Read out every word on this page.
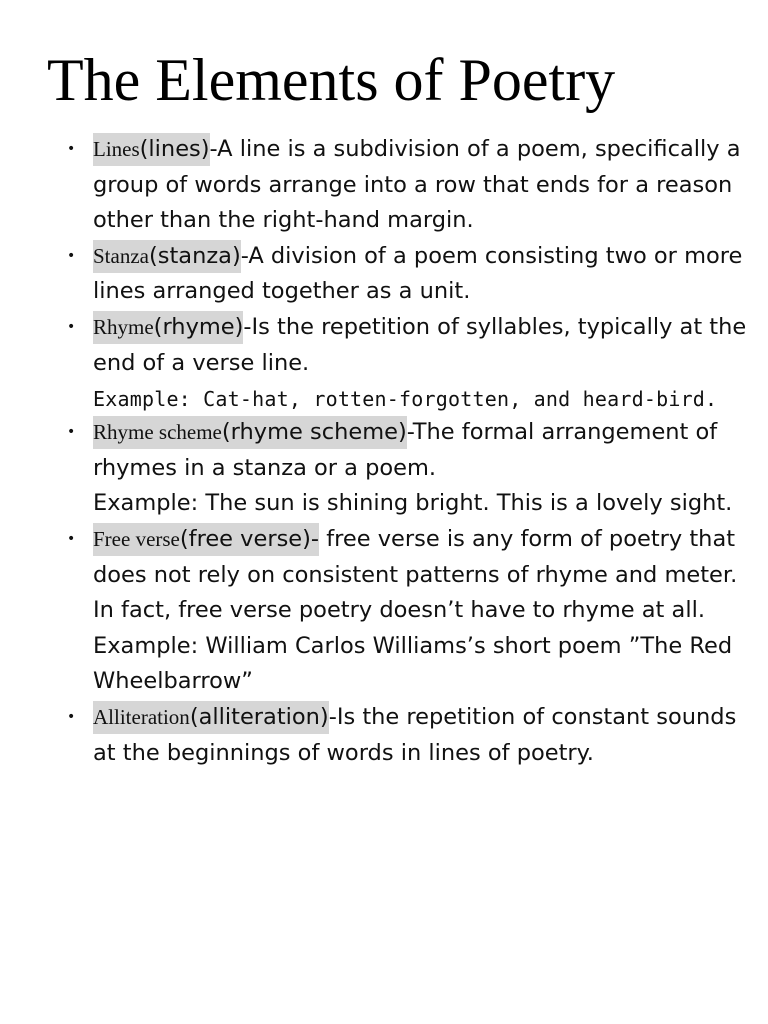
The Elements of Poetry
• Lines(lines)-A line is a subdivision of a poem, specifically a group of words arrange into a row that ends for a reason other than the right-hand margin.
• Stanza(stanza)-A division of a poem consisting two or more lines arranged together as a unit.
• Rhyme(rhyme)-Is the repetition of syllables, typically at the end of a verse line.
Example: Cat-hat, rotten-forgotten, and heard-bird.
• Rhyme scheme(rhyme scheme)-The formal arrangement of rhymes in a stanza or a poem.
Example: The sun is shining bright. This is a lovely sight.
• Free verse(free verse)- free verse is any form of poetry that does not rely on consistent patterns of rhyme and meter. In fact, free verse poetry doesn’t have to rhyme at all.
Example: William Carlos Williams’s short poem ”The Red Wheelbarrow”
• Alliteration(alliteration)-Is the repetition of constant sounds at the beginnings of words in lines of poetry.
